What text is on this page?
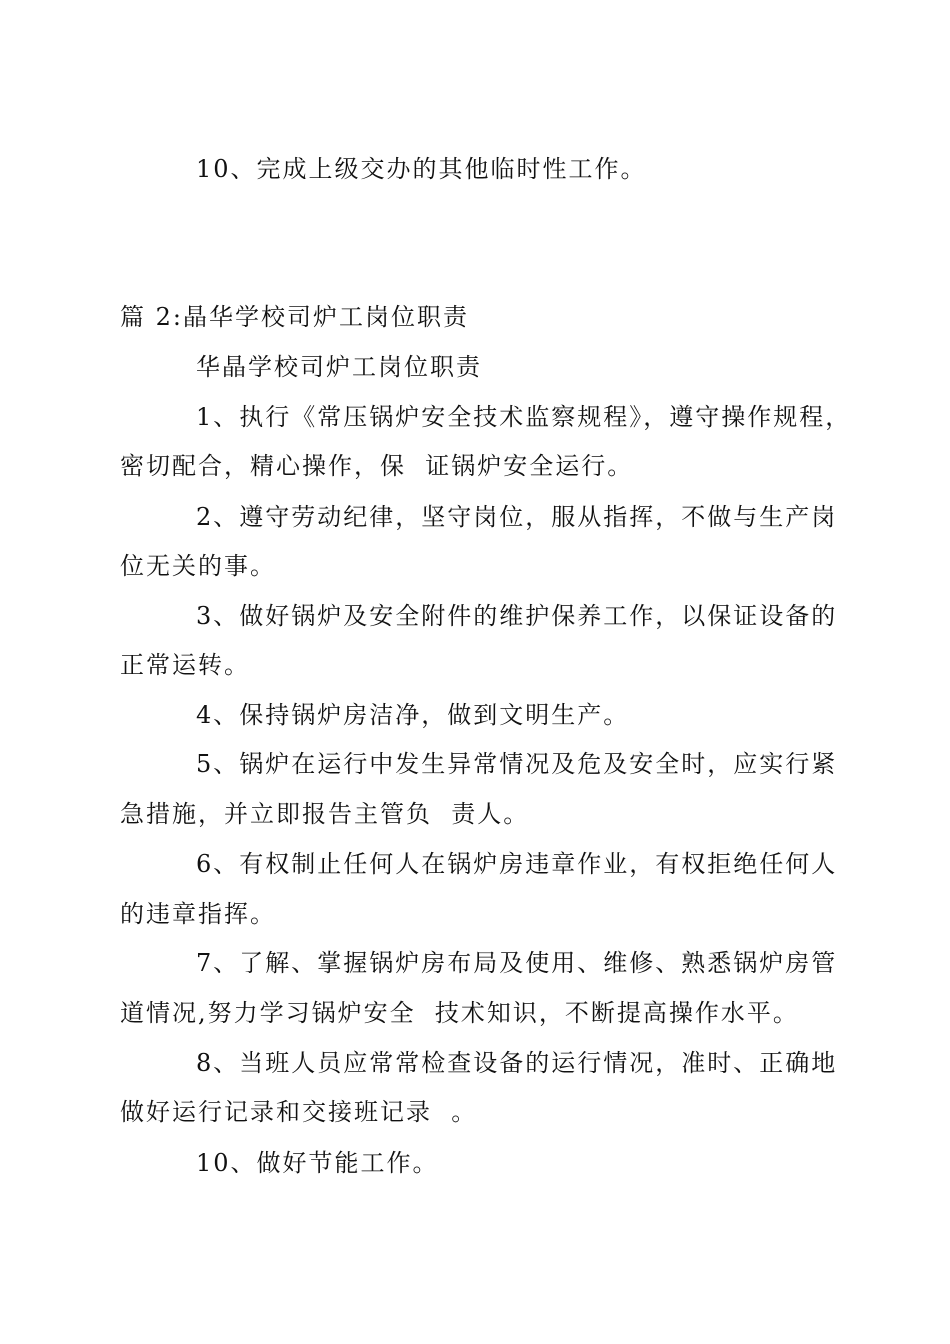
10、完成上级交办的其他临时性工作。
篇 2:晶华学校司炉工岗位职责
华晶学校司炉工岗位职责
1、执行《常压锅炉安全技术监察规程》，遵守操作规程，
密切配合，精心操作，保  证锅炉安全运行。
2、遵守劳动纪律，坚守岗位，服从指挥，不做与生产岗
位无关的事。
3、做好锅炉及安全附件的维护保养工作，以保证设备的
正常运转。
4、保持锅炉房洁净，做到文明生产。
5、锅炉在运行中发生异常情况及危及安全时，应实行紧
急措施，并立即报告主管负  责人。
6、有权制止任何人在锅炉房违章作业，有权拒绝任何人
的违章指挥。
7、了解、掌握锅炉房布局及使用、维修、熟悉锅炉房管
道情况,努力学习锅炉安全  技术知识，不断提高操作水平。
8、当班人员应常常检查设备的运行情况，准时、正确地
做好运行记录和交接班记录  。
10、做好节能工作。
